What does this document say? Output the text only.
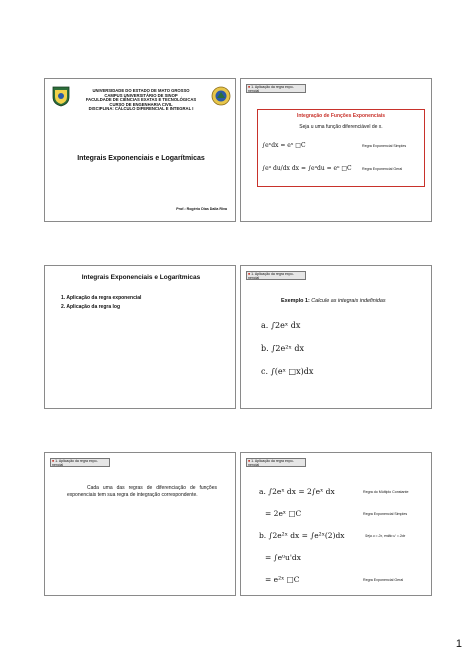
UNIVERSIDADE DO ESTADO DE MATO GROSSO
CAMPUS UNIVERSITÁRIO DE SINOP
FACULDADE DE CIÊNCIAS EXATAS E TECNOLÓGICAS
CURSO DE ENGENHARIA CIVIL
DISCIPLINA: CÁLCULO DIFERENCIAL E INTEGRAL I
Integrais Exponenciais e Logarítmicas
Prof.: Rogério Dias Dalla Riva
■1. Aplicação da regra expo-nencial
Integração de Funções Exponenciais
Seja u uma função diferenciável de x.
∫eˣdx = eˣ □C	Regra Exponencial Simples
∫eᵘ du/dx dx = ∫eᵘdu = eᵘ □C	Regra Exponencial Geral
Integrais Exponenciais e Logarítmicas
1. Aplicação da regra exponencial
2. Aplicação da regra log
■1. Aplicação da regra expo-nencial
Exemplo 1: Calcule as integrais indefinidas
a. ∫2eˣ dx
b. ∫2e²ˣ dx
c. ∫(eˣ □x)dx
■1. Aplicação da regra expo-nencial
Cada uma das regras de diferenciação de funções exponenciais tem sua regra de integração correspondente.
■1. Aplicação da regra expo-nencial
a. ∫2eˣ dx = 2∫eˣ dx	Regra do Múltiplo Constante
= 2eˣ □C	Regra Exponencial Simples
b. ∫2e²ˣ dx = ∫e²ˣ(2)dx	Seja u = 2x, então u' = 2dx
= ∫eᵘu'dx
= e²ˣ □C	Regra Exponencial Geral
1
